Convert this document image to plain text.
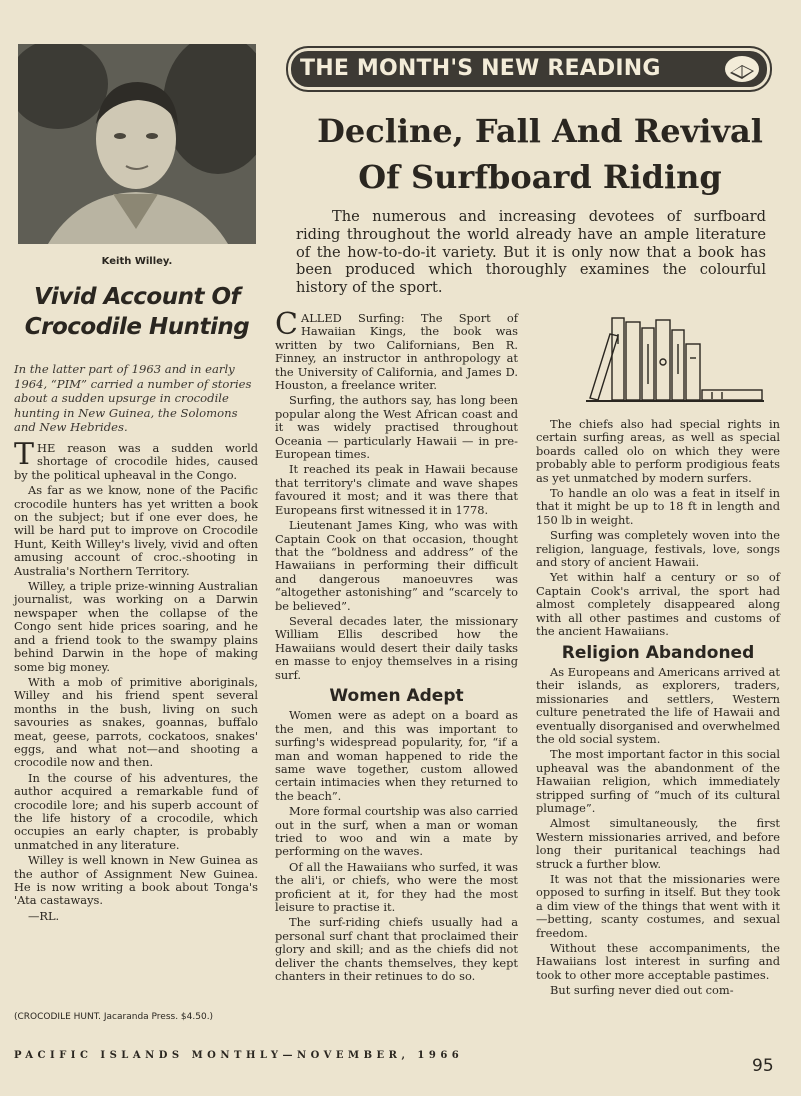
Keith Willey.
Vivid Account Of
Crocodile Hunting
In the latter part of 1963 and in early 1964, “PIM” carried a number of stories about a sudden upsurge in crocodile hunting in New Guinea, the Solomons and New Hebrides.

THE reason was a sudden world shortage of crocodile hides, caused by the political upheaval in the Congo.

As far as we know, none of the Pacific crocodile hunters has yet written a book on the subject; but if one ever does, he will be hard put to improve on Crocodile Hunt, Keith Willey's lively, vivid and often amusing account of croc.-shooting in Australia's Northern Territory.

Willey, a triple prize-winning Australian journalist, was working on a Darwin newspaper when the collapse of the Congo sent hide prices soaring, and he and a friend took to the swampy plains behind Darwin in the hope of making some big money.

With a mob of primitive aboriginals, Willey and his friend spent several months in the bush, living on such savouries as snakes, goannas, buffalo meat, geese, parrots, cockatoos, snakes' eggs, and what not—and shooting a crocodile now and then.

In the course of his adventures, the author acquired a remarkable fund of crocodile lore; and his superb account of the life history of a crocodile, which occupies an early chapter, is probably unmatched in any literature.

Willey is well known in New Guinea as the author of Assignment New Guinea. He is now writing a book about Tonga's 'Ata castaways.

—RL.

(CROCODILE HUNT. Jacaranda Press. $4.50.)
THE MONTH'S NEW READING
Decline, Fall And Revival
Of Surfboard Riding
The numerous and increasing devotees of surfboard riding throughout the world already have an ample literature of the how-to-do-it variety. But it is only now that a book has been produced which thoroughly examines the colourful history of the sport.

CALLED Surfing: The Sport of Hawaiian Kings, the book was written by two Californians, Ben R. Finney, an instructor in anthropology at the University of California, and James D. Houston, a freelance writer.

Surfing, the authors say, has long been popular along the West African coast and it was widely practised throughout Oceania — particularly Hawaii — in pre-European times.

It reached its peak in Hawaii because that territory's climate and wave shapes favoured it most; and it was there that Europeans first witnessed it in 1778.

Lieutenant James King, who was with Captain Cook on that occasion, thought that the “boldness and address” of the Hawaiians in performing their difficult and dangerous manoeuvres was “altogether astonishing” and “scarcely to be believed”.

Several decades later, the missionary William Ellis described how the Hawaiians would desert their daily tasks en masse to enjoy themselves in a rising surf.

Women Adept

Women were as adept on a board as the men, and this was important to surfing's widespread popularity, for, “if a man and woman happened to ride the same wave together, custom allowed certain intimacies when they returned to the beach”.

More formal courtship was also carried out in the surf, when a man or woman tried to woo and win a mate by performing on the waves.

Of all the Hawaiians who surfed, it was the ali'i, or chiefs, who were the most proficient at it, for they had the most leisure to practise it.

The surf-riding chiefs usually had a personal surf chant that proclaimed their glory and skill; and as the chiefs did not deliver the chants themselves, they kept chanters in their retinues to do so.

The chiefs also had special rights in certain surfing areas, as well as special boards called olo on which they were probably able to perform prodigious feats as yet unmatched by modern surfers.

To handle an olo was a feat in itself in that it might be up to 18 ft in length and 150 lb in weight.

Surfing was completely woven into the religion, language, festivals, love, songs and story of ancient Hawaii.

Yet within half a century or so of Captain Cook's arrival, the sport had almost completely disappeared along with all other pastimes and customs of the ancient Hawaiians.

Religion Abandoned

As Europeans and Americans arrived at their islands, as explorers, traders, missionaries and settlers, Western culture penetrated the life of Hawaii and eventually disorganised and overwhelmed the old social system.

The most important factor in this social upheaval was the abandonment of the Hawaiian religion, which immediately stripped surfing of “much of its cultural plumage”.

Almost simultaneously, the first Western missionaries arrived, and before long their puritanical teachings had struck a further blow.

It was not that the missionaries were opposed to surfing in itself. But they took a dim view of the things that went with it—betting, scanty costumes, and sexual freedom.

Without these accompaniments, the Hawaiians lost interest in surfing and took to other more acceptable pastimes.

But surfing never died out com-

PACIFIC ISLANDS MONTHLY—NOVEMBER, 1966
95
